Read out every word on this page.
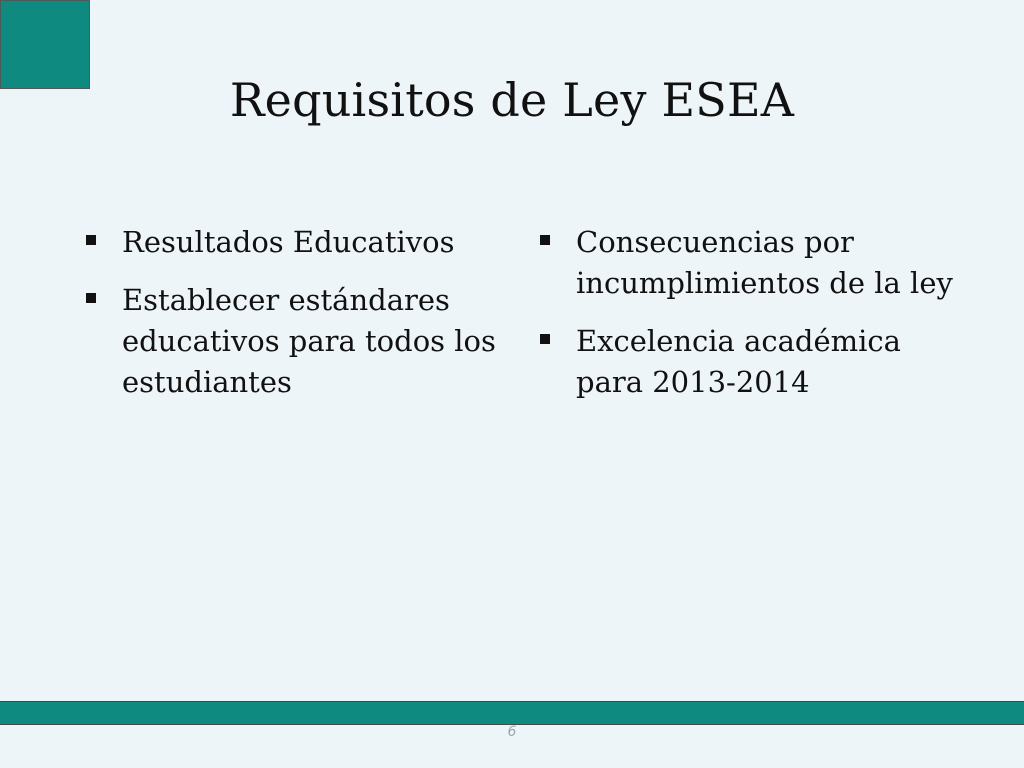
Requisitos de Ley ESEA
Resultados Educativos
Establecer estándares educativos para todos los estudiantes
Consecuencias por incumplimientos de la ley
Excelencia académica para 2013-2014
6
